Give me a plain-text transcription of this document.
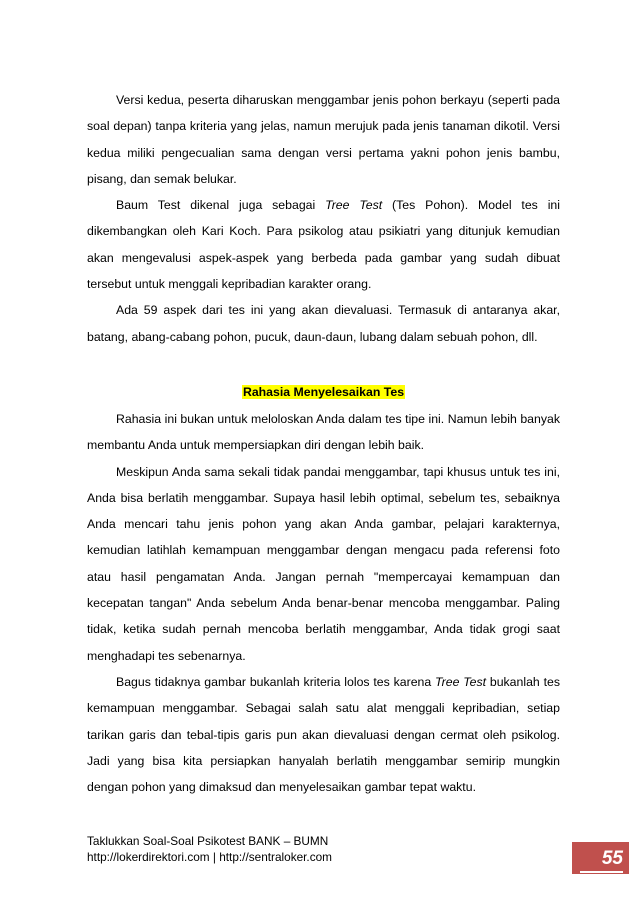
Versi kedua, peserta diharuskan menggambar jenis pohon berkayu (seperti pada soal depan) tanpa kriteria yang jelas, namun merujuk pada jenis tanaman dikotil. Versi kedua miliki pengecualian sama dengan versi pertama yakni pohon jenis bambu, pisang, dan semak belukar.

Baum Test dikenal juga sebagai Tree Test (Tes Pohon). Model tes ini dikembangkan oleh Kari Koch. Para psikolog atau psikiatri yang ditunjuk kemudian akan mengevalusi aspek-aspek yang berbeda pada gambar yang sudah dibuat tersebut untuk menggali kepribadian karakter orang.

Ada 59 aspek dari tes ini yang akan dievaluasi. Termasuk di antaranya akar, batang, abang-cabang pohon, pucuk, daun-daun, lubang dalam sebuah pohon, dll.

Rahasia Menyelesaikan Tes

Rahasia ini bukan untuk meloloskan Anda dalam tes tipe ini. Namun lebih banyak membantu Anda untuk mempersiapkan diri dengan lebih baik.

Meskipun Anda sama sekali tidak pandai menggambar, tapi khusus untuk tes ini, Anda bisa berlatih menggambar. Supaya hasil lebih optimal, sebelum tes, sebaiknya Anda mencari tahu jenis pohon yang akan Anda gambar, pelajari karakternya, kemudian latihlah kemampuan menggambar dengan mengacu pada referensi foto atau hasil pengamatan Anda. Jangan pernah "mempercayai kemampuan dan kecepatan tangan" Anda sebelum Anda benar-benar mencoba menggambar. Paling tidak, ketika sudah pernah mencoba berlatih menggambar, Anda tidak grogi saat menghadapi tes sebenarnya.

Bagus tidaknya gambar bukanlah kriteria lolos tes karena Tree Test bukanlah tes kemampuan menggambar. Sebagai salah satu alat menggali kepribadian, setiap tarikan garis dan tebal-tipis garis pun akan dievaluasi dengan cermat oleh psikolog. Jadi yang bisa kita persiapkan hanyalah berlatih menggambar semirip mungkin dengan pohon yang dimaksud dan menyelesaikan gambar tepat waktu.

Taklukkan Soal-Soal Psikotest BANK – BUMN
http://lokerdirektori.com | http://sentraloker.com	55
